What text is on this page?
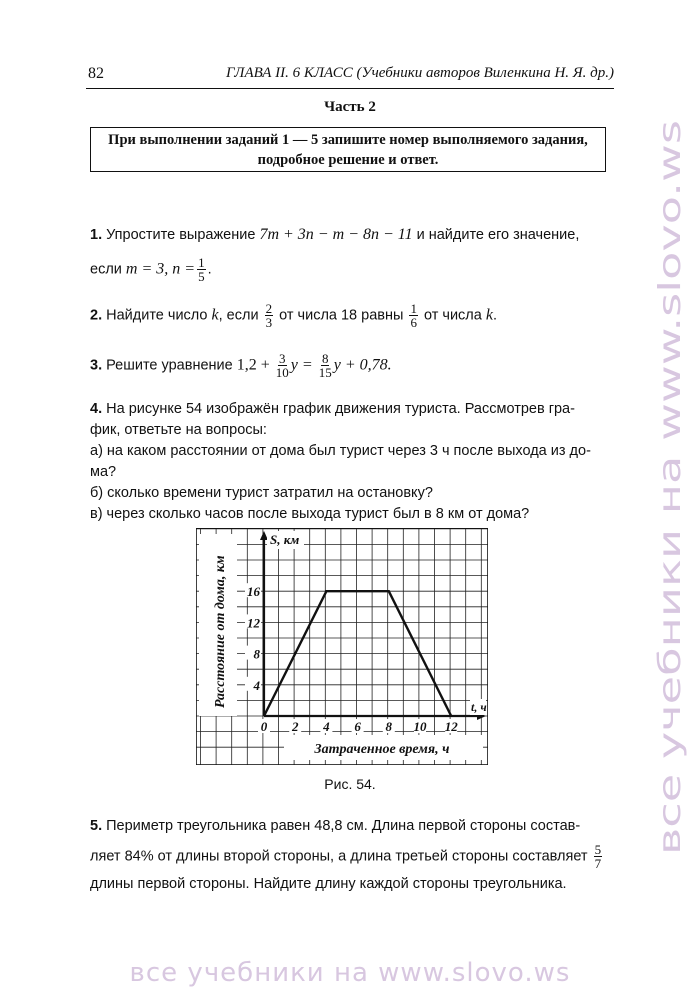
82	ГЛАВА II. 6 КЛАСС (Учебники авторов Виленкина Н. Я. др.)
Часть 2
При выполнении заданий 1 — 5 запишите номер выполняемого задания, подробное решение и ответ.
1. Упростите выражение 7m + 3n − m − 8n − 11 и найдите его значение,
если m = 3, $n = \frac{1}{5}$ .
2. Найдите число k, если $\frac{2}{3}$ от числа 18 равны $\frac{1}{6}$ от числа k.
3. Решите уравнение $1,2 + \frac{3}{10}$ $y = \frac{8}{15}$ y + 0,78.
4. На рисунке 54 изображён график движения туриста. Рассмотрев гра-
фик, ответьте на вопросы:
а) на каком расстоянии от дома был турист через 3 ч после выхода из до-
ма?
б) сколько времени турист затратил на остановку?
в) через сколько часов после выхода турист был в 8 км от дома?
0 2 4 6 8 10 12
4
8
12
16
Расстояние от дома, км
Затраченное время, ч
S, км
t, ч
Рис. 54.
5. Периметр треугольника равен 48,8 см. Длина первой стороны состав-
ляет 84% от длины второй стороны, а длина третьей стороны составляет $\frac{5}{7}$
длины первой стороны. Найдите длину каждой стороны треугольника.
все учебники на www.slovo.ws
все учебники на www.slovo.ws
